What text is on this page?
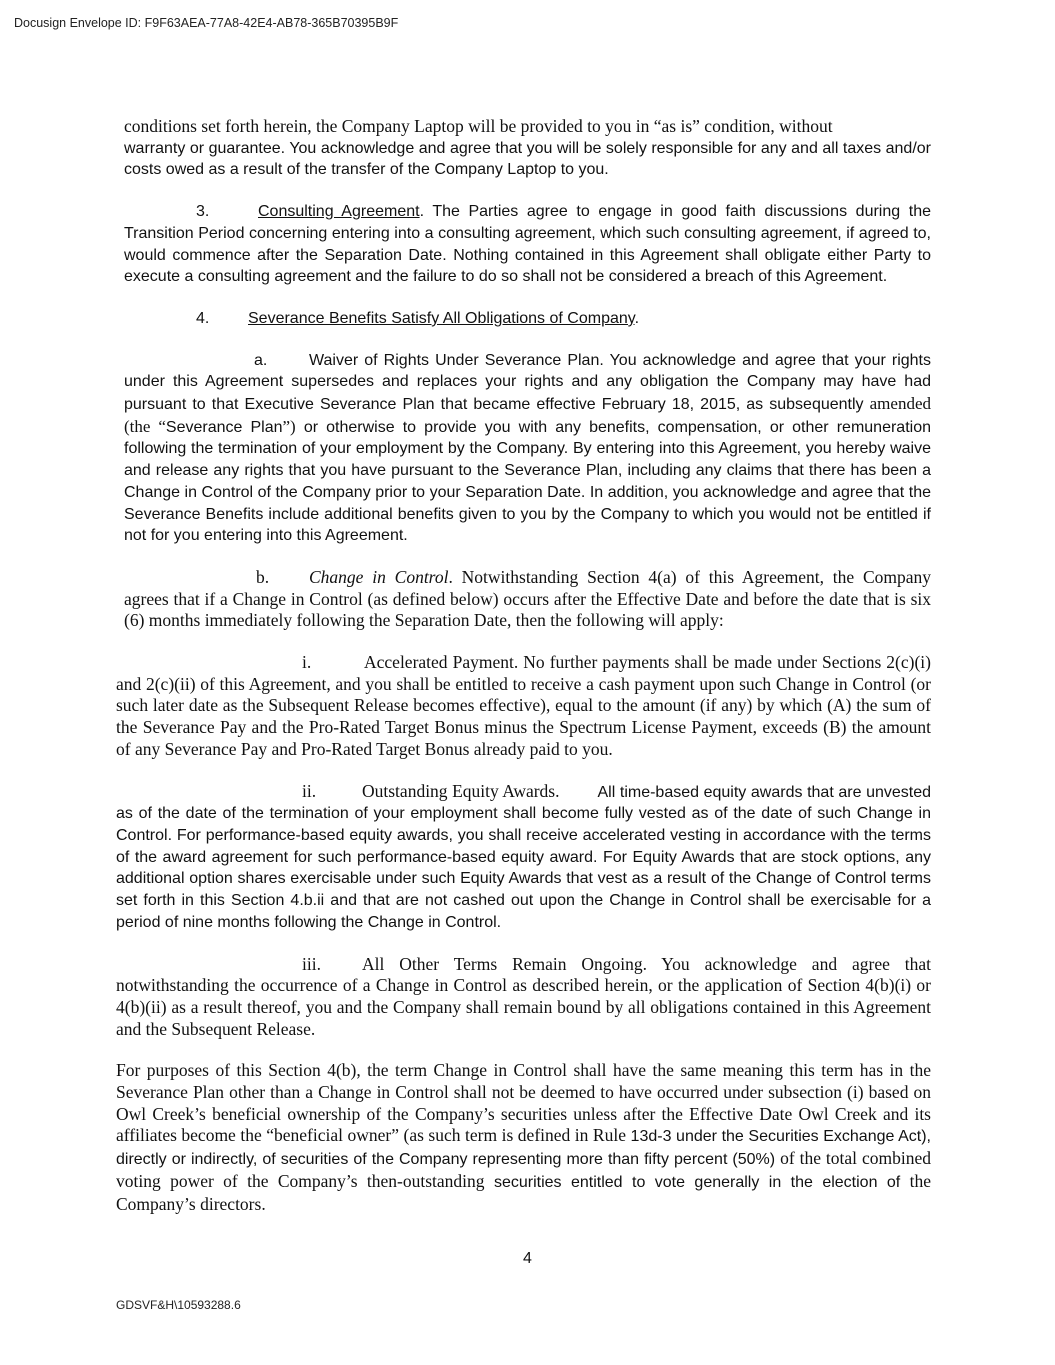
Docusign Envelope ID: F9F63AEA-77A8-42E4-AB78-365B70395B9F

conditions set forth herein, the Company Laptop will be provided to you in “as is” condition, without

warranty or guarantee. You acknowledge and agree that you will be solely responsible for any and all taxes and/or costs owed as a result of the transfer of the Company Laptop to you.

3.	Consulting Agreement. The Parties agree to engage in good faith discussions during the Transition Period concerning entering into a consulting agreement, which such consulting agreement, if agreed to, would commence after the Separation Date. Nothing contained in this Agreement shall obligate either Party to execute a consulting agreement and the failure to do so shall not be considered a breach of this Agreement.

4. Severance Benefits Satisfy All Obligations of Company.

a.	Waiver of Rights Under Severance Plan. You acknowledge and agree that your rights under this Agreement supersedes and replaces your rights and any obligation the Company may have had pursuant to that Executive Severance Plan that became effective February 18, 2015, as subsequently amended (the “Severance Plan”) or otherwise to provide you with any benefits, compensation, or other remuneration following the termination of your employment by the Company. By entering into this Agreement, you hereby waive and release any rights that you have pursuant to the Severance Plan, including any claims that there has been a Change in Control of the Company prior to your Separation Date. In addition, you acknowledge and agree that the Severance Benefits include additional benefits given to you by the Company to which you would not be entitled if not for you entering into this Agreement.

b. Change in Control. Notwithstanding Section 4(a) of this Agreement, the Company agrees that if a Change in Control (as defined below) occurs after the Effective Date and before the date that is six (6) months immediately following the Separation Date, then the following will apply:

i.	Accelerated Payment. No further payments shall be made under Sections 2(c)(i) and 2(c)(ii) of this Agreement, and you shall be entitled to receive a cash payment upon such Change in Control (or such later date as the Subsequent Release becomes effective), equal to the amount (if any) by which (A) the sum of the Severance Pay and the Pro-Rated Target Bonus minus the Spectrum License Payment, exceeds (B) the amount of any Severance Pay and Pro-Rated Target Bonus already paid to you.

ii.	Outstanding Equity Awards. All time-based equity awards that are unvested as of the date of the termination of your employment shall become fully vested as of the date of such Change in Control. For performance-based equity awards, you shall receive accelerated vesting in accordance with the terms of the award agreement for such performance-based equity award. For Equity Awards that are stock options, any additional option shares exercisable under such Equity Awards that vest as a result of the Change of Control terms set forth in this Section 4.b.ii and that are not cashed out upon the Change in Control shall be exercisable for a period of nine months following the Change in Control.

iii. All Other Terms Remain Ongoing. You acknowledge and agree that notwithstanding the occurrence of a Change in Control as described herein, or the application of Section 4(b)(i) or 4(b)(ii) as a result thereof, you and the Company shall remain bound by all obligations contained in this Agreement and the Subsequent Release.

For purposes of this Section 4(b), the term Change in Control shall have the same meaning this term has in the Severance Plan other than a Change in Control shall not be deemed to have occurred under subsection (i) based on Owl Creek’s beneficial ownership of the Company’s securities unless after the Effective Date Owl Creek and its affiliates become the “beneficial owner” (as such term is defined in Rule 13d-3 under the Securities Exchange Act), directly or indirectly, of securities of the Company representing more than fifty percent (50%) of the total combined voting power of the Company’s then-outstanding securities entitled to vote generally in the election of the Company’s directors.

4
GDSVF&H\10593288.6
